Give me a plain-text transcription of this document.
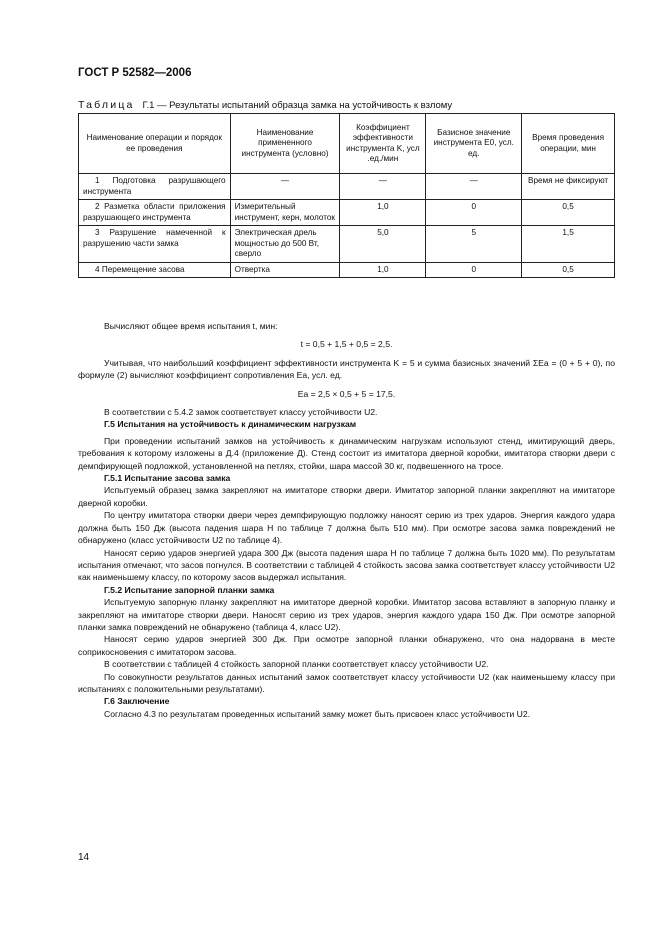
ГОСТ Р 52582—2006
Таблица Г.1 — Результаты испытаний образца замка на устойчивость к взлому
Наименование операции и порядок ее проведения	Наименование примененного инструмента (условно)	Коэффициент эффективности инструмента K, усл .ед./мин	Базисное значение инструмента E0, усл. ед.	Время проведения операции, мин
1 Подготовка разрушающего инструмента	—	—	—	Время не фиксируют
2 Разметка области приложения разрушающего инструмента	Измерительный инструмент, керн, молоток	1,0	0	0,5
3 Разрушение намеченной к разрушению части замка	Электрическая дрель мощностью до 500 Вт, сверло	5,0	5	1,5
4 Перемещение засова	Отвертка	1,0	0	0,5

Вычисляют общее время испытания t, мин:

t = 0,5 + 1,5 + 0,5 = 2,5.

Учитывая, что наибольший коэффициент эффективности инструмента K = 5 и сумма базисных значений ΣEa = (0 + 5 + 0), по формуле (2) вычисляют коэффициент сопротивления Ea, усл. ед.

Ea = 2,5 × 0,5 + 5 = 17,5.

В соответствии с 5.4.2 замок соответствует классу устойчивости U2.

Г.5 Испытания на устойчивость к динамическим нагрузкам

При проведении испытаний замков на устойчивость к динамическим нагрузкам используют стенд, имитирующий дверь, требования к которому изложены в Д.4 (приложение Д). Стенд состоит из имитатора дверной коробки, имитатора створки двери с демпфирующей подложкой, установленной на петлях, стойки, шара массой 30 кг, подвешенного на тросе.

Г.5.1 Испытание засова замка

Испытуемый образец замка закрепляют на имитаторе створки двери. Имитатор запорной планки закрепляют на имитаторе дверной коробки.

По центру имитатора створки двери через демпфирующую подложку наносят серию из трех ударов. Энергия каждого удара должна быть 150 Дж (высота падения шара H по таблице 7 должна быть 510 мм). При осмотре засова замка повреждений не обнаружено (класс устойчивости U2 по таблице 4).

Наносят серию ударов энергией удара 300 Дж (высота падения шара H по таблице 7 должна быть 1020 мм). По результатам испытания отмечают, что засов погнулся. В соответствии с таблицей 4 стойкость засова замка соответствует классу устойчивости U2 как наименьшему классу, по которому засов выдержал испытания.

Г.5.2 Испытание запорной планки замка

Испытуемую запорную планку закрепляют на имитаторе дверной коробки. Имитатор засова вставляют в запорную планку и закрепляют на имитаторе створки двери. Наносят серию из трех ударов, энергия каждого удара 150 Дж. При осмотре запорной планки замка повреждений не обнаружено (таблица 4, класс U2).

Наносят серию ударов энергией 300 Дж. При осмотре запорной планки обнаружено, что она надорвана в месте соприкосновения с имитатором засова.

В соответствии с таблицей 4 стойкость запорной планки соответствует классу устойчивости U2.

По совокупности результатов данных испытаний замок соответствует классу устойчивости U2 (как наименьшему классу при испытаниях с положительными результатами).

Г.6 Заключение

Согласно 4.3 по результатам проведенных испытаний замку может быть присвоен класс устойчивости U2.

14
